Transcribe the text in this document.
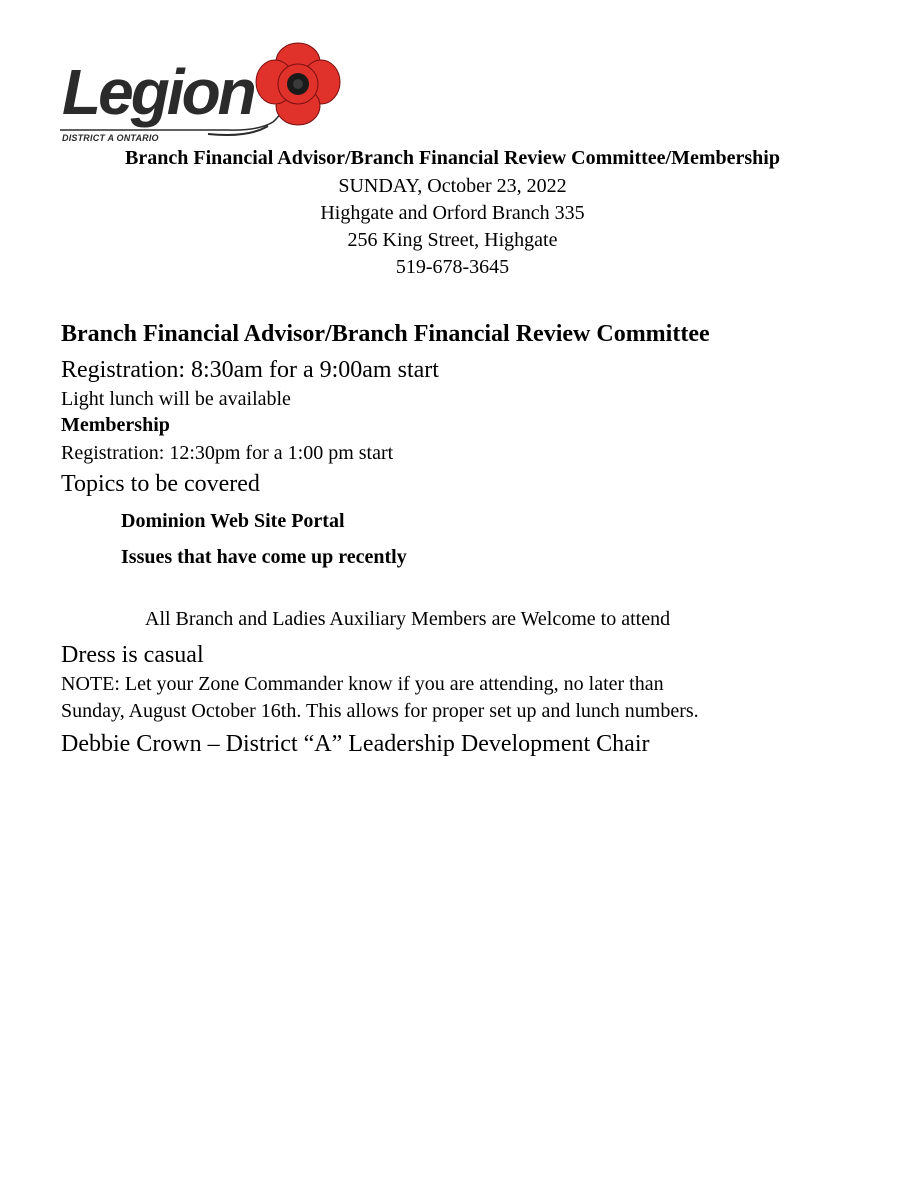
Legion
DISTRICT A ONTARIO
Branch Financial Advisor/Branch Financial Review Committee/Membership
SUNDAY, October 23, 2022
Highgate and Orford Branch 335
256 King Street, Highgate
519-678-3645
Branch Financial Advisor/Branch Financial Review Committee
Registration: 8:30am for a 9:00am start
Light lunch will be available
Membership
Registration: 12:30pm for a 1:00 pm start
Topics to be covered
Dominion Web Site Portal
Issues that have come up recently
All Branch and Ladies Auxiliary Members are Welcome to attend
Dress is casual
NOTE: Let your Zone Commander know if you are attending, no later than
Sunday, August October 16th. This allows for proper set up and lunch numbers.
Debbie Crown – District “A” Leadership Development Chair
